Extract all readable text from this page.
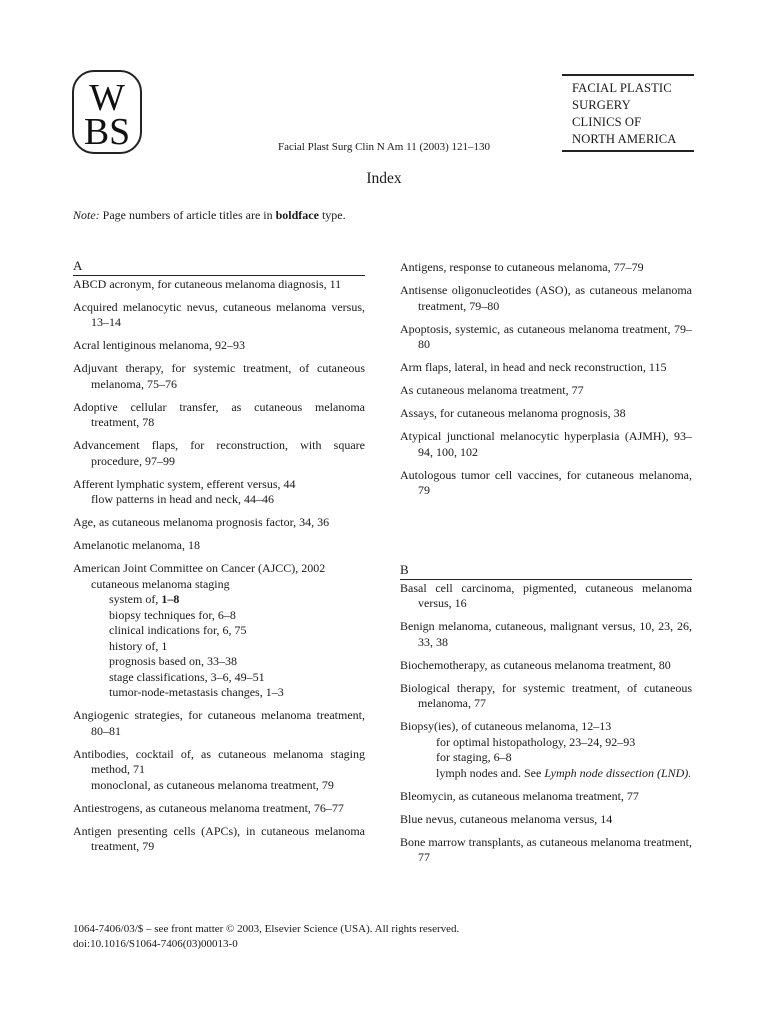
W
BS
FACIAL PLASTIC
SURGERY
CLINICS OF
NORTH AMERICA
Facial Plast Surg Clin N Am 11 (2003) 121–130
Index
Note: Page numbers of article titles are in boldface type.
A
ABCD acronym, for cutaneous melanoma diagnosis, 11
Acquired melanocytic nevus, cutaneous melanoma versus, 13–14
Acral lentiginous melanoma, 92–93
Adjuvant therapy, for systemic treatment, of cutaneous melanoma, 75–76
Adoptive cellular transfer, as cutaneous melanoma treatment, 78
Advancement flaps, for reconstruction, with square procedure, 97–99
Afferent lymphatic system, efferent versus, 44
flow patterns in head and neck, 44–46
Age, as cutaneous melanoma prognosis factor, 34, 36
Amelanotic melanoma, 18
American Joint Committee on Cancer (AJCC), 2002
cutaneous melanoma staging
system of, 1–8
biopsy techniques for, 6–8
clinical indications for, 6, 75
history of, 1
prognosis based on, 33–38
stage classifications, 3–6, 49–51
tumor-node-metastasis changes, 1–3
Angiogenic strategies, for cutaneous melanoma treatment, 80–81
Antibodies, cocktail of, as cutaneous melanoma staging method, 71
monoclonal, as cutaneous melanoma treatment, 79
Antiestrogens, as cutaneous melanoma treatment, 76–77
Antigen presenting cells (APCs), in cutaneous melanoma treatment, 79
Antigens, response to cutaneous melanoma, 77–79
Antisense oligonucleotides (ASO), as cutaneous melanoma treatment, 79–80
Apoptosis, systemic, as cutaneous melanoma treatment, 79–80
Arm flaps, lateral, in head and neck reconstruction, 115
As cutaneous melanoma treatment, 77
Assays, for cutaneous melanoma prognosis, 38
Atypical junctional melanocytic hyperplasia (AJMH), 93–94, 100, 102
Autologous tumor cell vaccines, for cutaneous melanoma, 79
B
Basal cell carcinoma, pigmented, cutaneous melanoma versus, 16
Benign melanoma, cutaneous, malignant versus, 10, 23, 26, 33, 38
Biochemotherapy, as cutaneous melanoma treatment, 80
Biological therapy, for systemic treatment, of cutaneous melanoma, 77
Biopsy(ies), of cutaneous melanoma, 12–13
for optimal histopathology, 23–24, 92–93
for staging, 6–8
lymph nodes and. See Lymph node dissection (LND).
Bleomycin, as cutaneous melanoma treatment, 77
Blue nevus, cutaneous melanoma versus, 14
Bone marrow transplants, as cutaneous melanoma treatment, 77
1064-7406/03/$ – see front matter © 2003, Elsevier Science (USA). All rights reserved.
doi:10.1016/S1064-7406(03)00013-0
